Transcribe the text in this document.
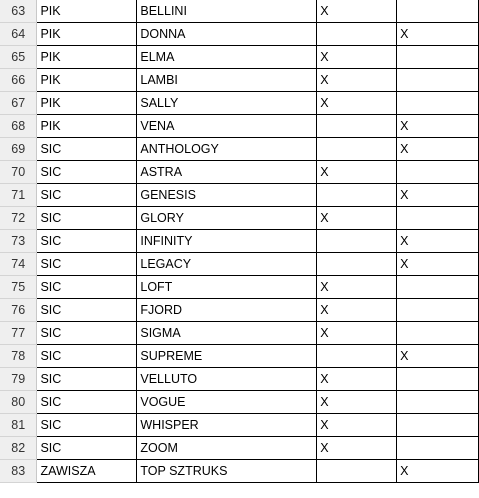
63	PIK	BELLINI	X	
64	PIK	DONNA		X
65	PIK	ELMA	X	
66	PIK	LAMBI	X	
67	PIK	SALLY	X	
68	PIK	VENA		X
69	SIC	ANTHOLOGY		X
70	SIC	ASTRA	X	
71	SIC	GENESIS		X
72	SIC	GLORY	X	
73	SIC	INFINITY		X
74	SIC	LEGACY		X
75	SIC	LOFT	X	
76	SIC	FJORD	X	
77	SIC	SIGMA	X	
78	SIC	SUPREME		X
79	SIC	VELLUTO	X	
80	SIC	VOGUE	X	
81	SIC	WHISPER	X	
82	SIC	ZOOM	X	
83	ZAWISZA	TOP SZTRUKS		X
